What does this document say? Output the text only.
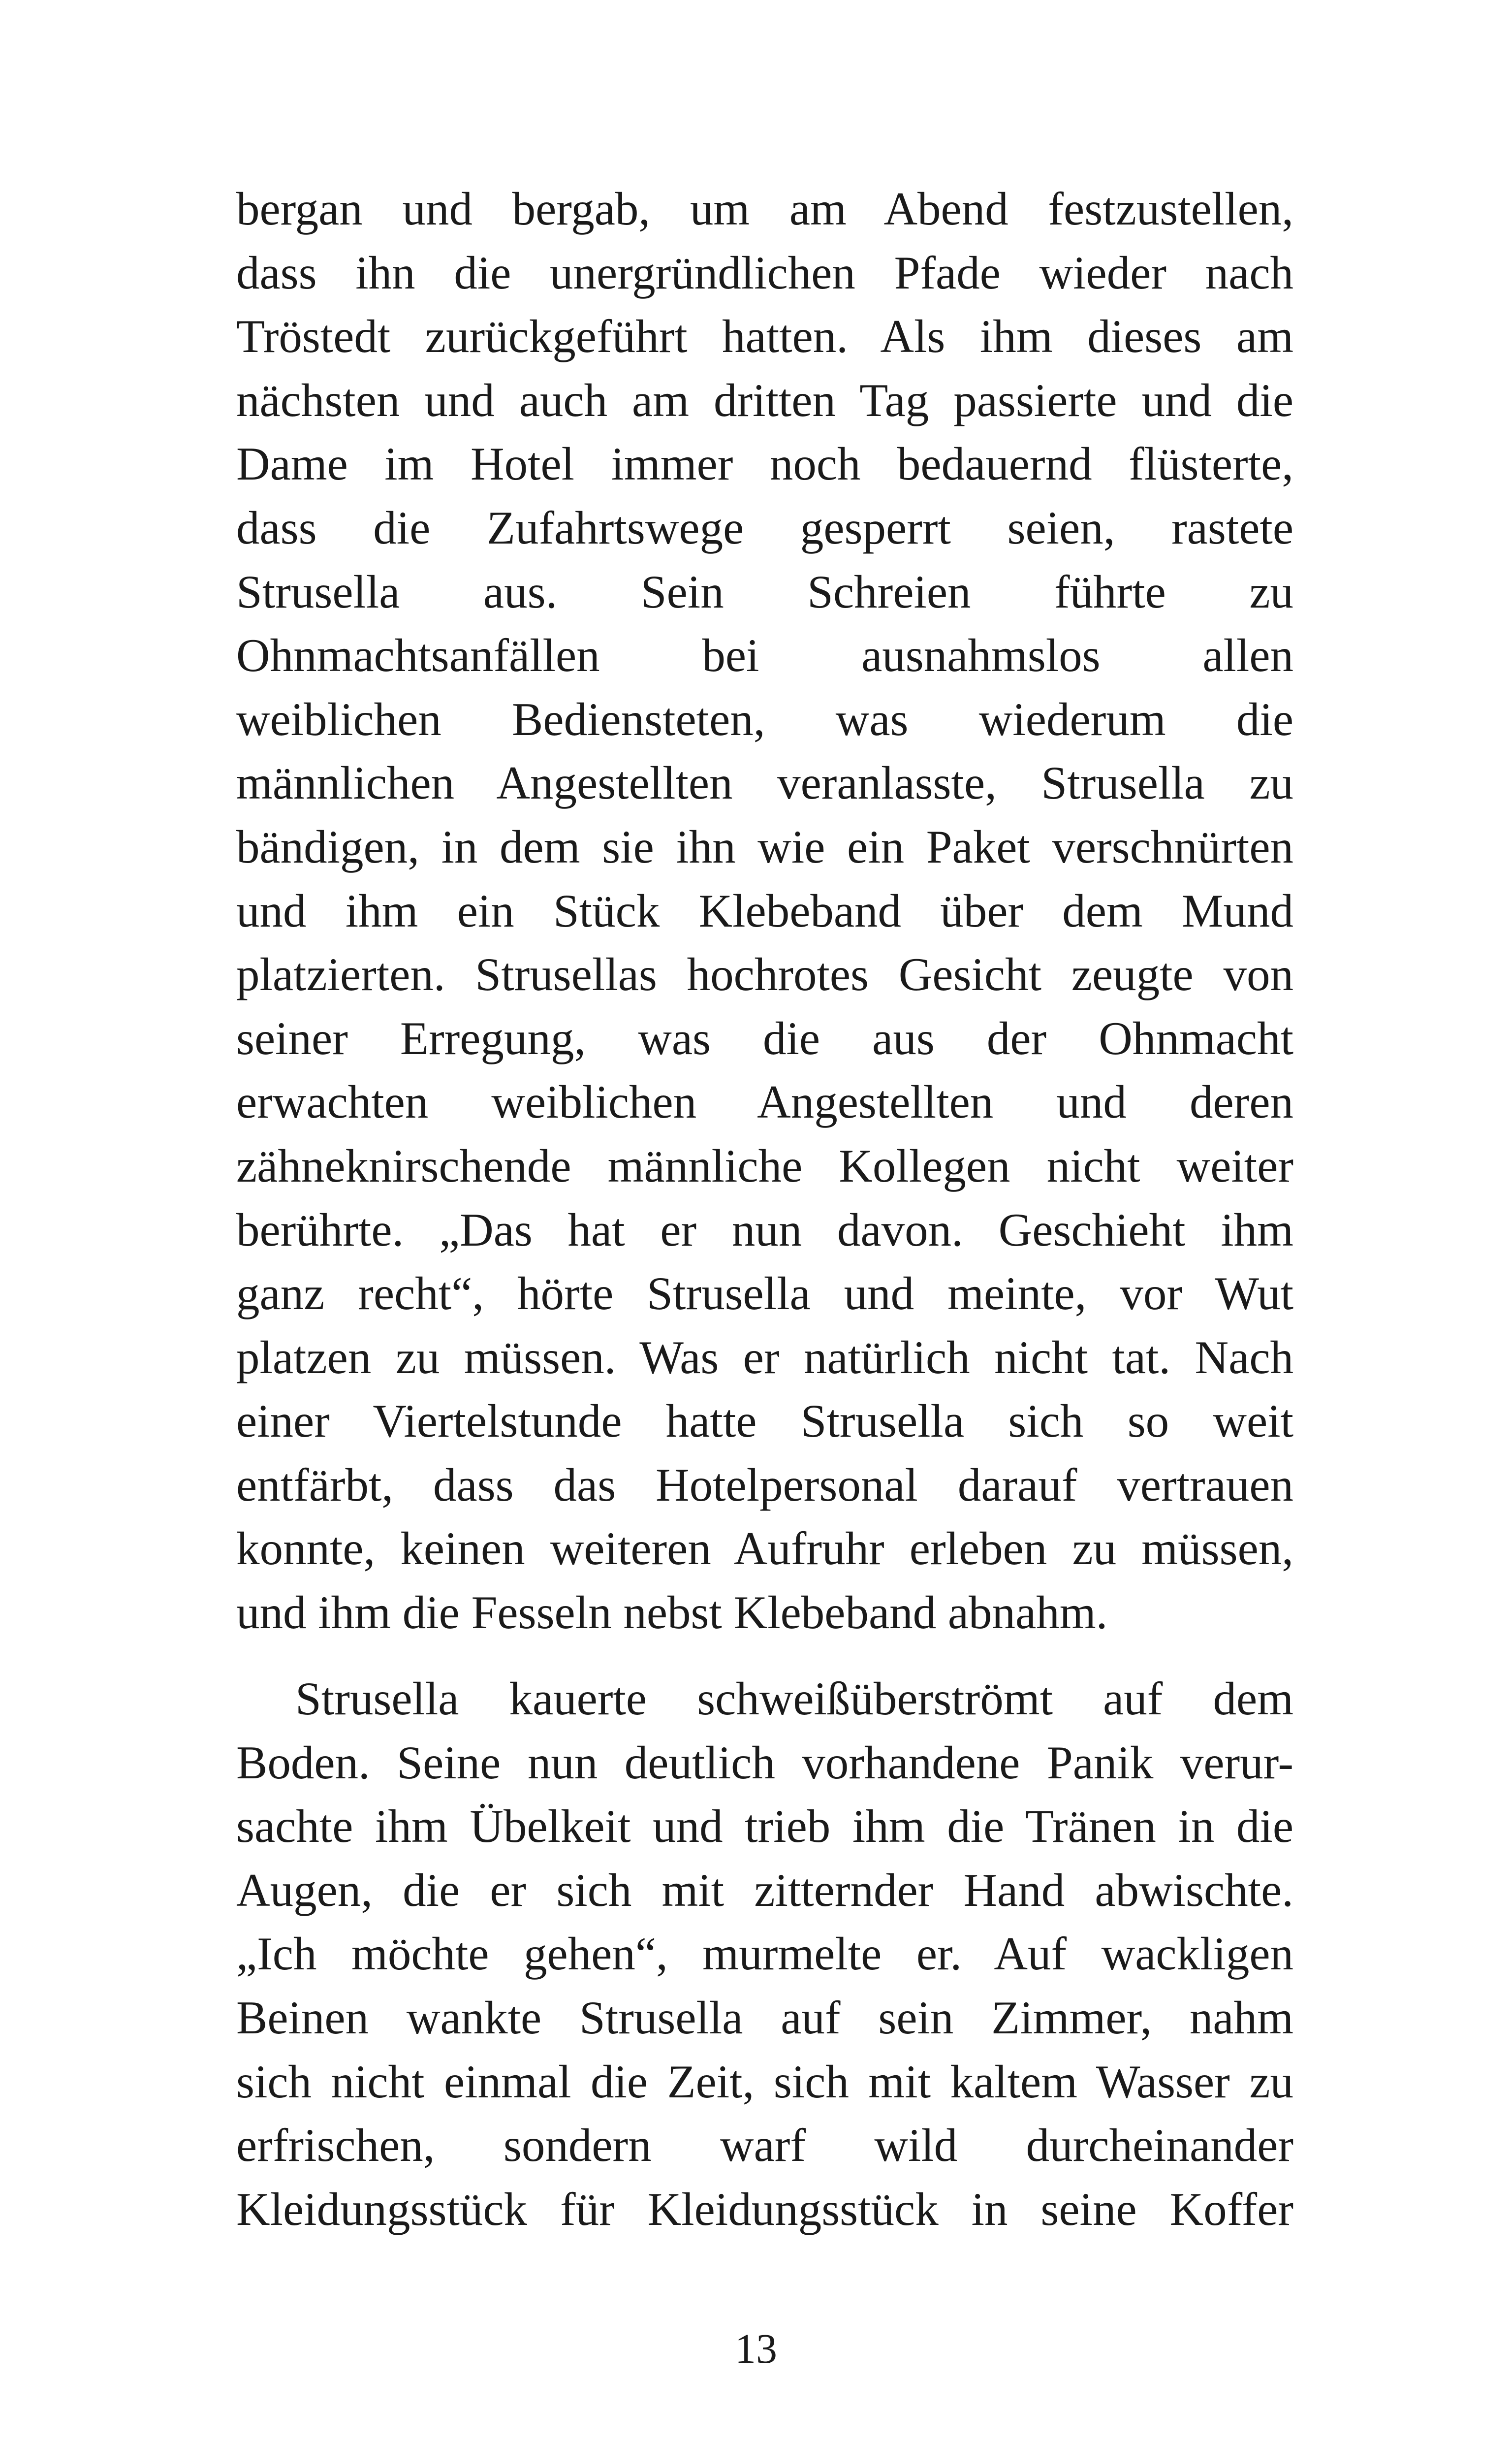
bergan und bergab, um am Abend festzustellen,
dass ihn die unergründlichen Pfade wieder nach
Tröstedt zurückgeführt hatten. Als ihm dieses am
nächsten und auch am dritten Tag passierte und die
Dame im Hotel immer noch bedauernd flüsterte,
dass die Zufahrtswege gesperrt seien, rastete
Strusella aus. Sein Schreien führte zu
Ohnmachtsanfällen bei ausnahmslos allen
weiblichen Bediensteten, was wiederum die
männlichen Angestellten veranlasste, Strusella zu
bändigen, in dem sie ihn wie ein Paket verschnürten
und ihm ein Stück Klebeband über dem Mund
platzierten. Strusellas hochrotes Gesicht zeugte von
seiner Erregung, was die aus der Ohnmacht
erwachten weiblichen Angestellten und deren
zähneknirschende männliche Kollegen nicht weiter
berührte. „Das hat er nun davon. Geschieht ihm
ganz recht“, hörte Strusella und meinte, vor Wut
platzen zu müssen. Was er natürlich nicht tat. Nach
einer Viertelstunde hatte Strusella sich so weit
entfärbt, dass das Hotelpersonal darauf vertrauen
konnte, keinen weiteren Aufruhr erleben zu müssen,
und ihm die Fesseln nebst Klebeband abnahm.
Strusella kauerte schweißüberströmt auf dem
Boden. Seine nun deutlich vorhandene Panik verur-
sachte ihm Übelkeit und trieb ihm die Tränen in die
Augen, die er sich mit zitternder Hand abwischte.
„Ich möchte gehen“, murmelte er. Auf wackligen
Beinen wankte Strusella auf sein Zimmer, nahm
sich nicht einmal die Zeit, sich mit kaltem Wasser zu
erfrischen, sondern warf wild durcheinander
Kleidungsstück für Kleidungsstück in seine Koffer
13
